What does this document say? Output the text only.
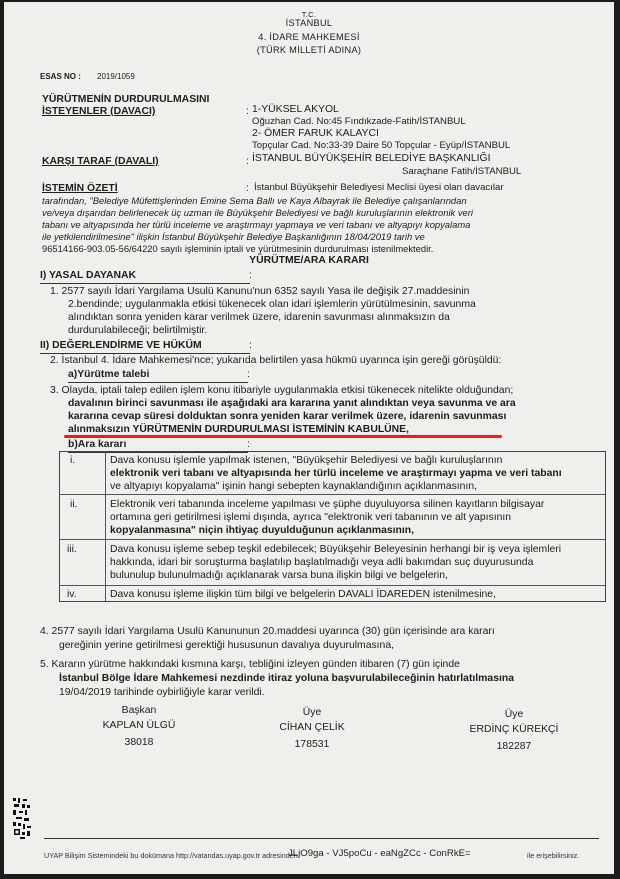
T.C.
İSTANBUL
4. İDARE MAHKEMESİ
(TÜRK MİLLETİ ADINA)
ESAS NO : 2019/1059
YÜRÜTMENİN DURDURULMASINI
İSTEYENLER (DAVACI)	: 1-YÜKSEL AKYOL
Oğuzhan Cad. No:45 Fındıkzade-Fatih/İSTANBUL
2- ÖMER FARUK KALAYCI
Topçular Cad. No:33-39 Daire 50 Topçular - Eyüp/İSTANBUL
KARŞI TARAF (DAVALI)	: İSTANBUL BÜYÜKŞEHİR BELEDİYE BAŞKANLIĞI
Saraçhane Fatih/İSTANBUL
İSTEMİN ÖZETİ	: İstanbul Büyükşehir Belediyesi Meclisi üyesi olan davacılar
tarafından, "Belediye Müfettişlerinden Emine Sema Ballı ve Kaya Albayrak ile Belediye çalışanlarından
ve/veya dışarıdan belirlenecek üç uzman ile Büyükşehir Belediyesi ve bağlı kuruluşlarının elektronik veri
tabanı ve altyapısında her türlü inceleme ve araştırmayı yapmaya ve veri tabanı ve altyapıyı kopyalama
ile yetkilendirilmesine" ilişkin İstanbul Büyükşehir Belediye Başkanlığının 18/04/2019 tarih ve
96514166-903.05-56/64220 sayılı işleminin iptali ve yürütmesinin durdurulması istenilmektedir.
YÜRÜTME/ARA KARARI
I) YASAL DAYANAK	:
1. 2577 sayılı İdari Yargılama Usulü Kanunu'nun 6352 sayılı Yasa ile değişik 27.maddesinin
2.bendinde; uygulanmakla etkisi tükenecek olan idari işlemlerin yürütülmesinin, savunma
alındıktan sonra yeniden karar verilmek üzere, idarenin savunması alınmaksızın da
durdurulabileceği; belirtilmiştir.
II) DEĞERLENDİRME VE HÜKÜM	:
2. İstanbul 4. İdare Mahkemesi'nce; yukarıda belirtilen yasa hükmü uyarınca işin gereği görüşüldü:
a)Yürütme talebi	:
3. Olayda, iptali talep edilen işlem konu itibariyle uygulanmakla etkisi tükenecek nitelikte olduğundan;
davalının birinci savunması ile aşağıdaki ara kararına yanıt alındıktan veya savunma ve ara
kararına cevap süresi dolduktan sonra yeniden karar verilmek üzere, idarenin savunması
alınmaksızın YÜRÜTMENİN DURDURULMASI İSTEMİNİN KABULÜNE,
b)Ara kararı	:
i.	Dava konusu işlemle yapılmak istenen, "Büyükşehir Belediyesi ve bağlı kuruluşlarının
elektronik veri tabanı ve altyapısında her türlü inceleme ve araştırmayı yapma ve veri tabanı
ve altyapıyı kopyalama" işinin hangi sebepten kaynaklandığının açıklanmasının,
ii.	Elektronik veri tabanında inceleme yapılması ve şüphe duyuluyorsa silinen kayıtların bilgisayar
ortamına geri getirilmesi işlemi dışında, ayrıca "elektronik veri tabanının ve alt yapısının
kopyalanmasına" niçin ihtiyaç duyulduğunun açıklanmasının,
iii.	Dava konusu işleme sebep teşkil edebilecek; Büyükşehir Beleyesinin herhangi bir iş veya işlemleri
hakkında, idari bir soruşturma başlatılıp başlatılmadığı veya adli bakımdan suç duyurusunda
bulunulup bulunulmadığı açıklanarak varsa buna ilişkin bilgi ve belgelerin,
iv.	Dava konusu işleme ilişkin tüm bilgi ve belgelerin DAVALI İDAREDEN istenilmesine,
4. 2577 sayılı İdari Yargılama Usulü Kanununun 20.maddesi uyarınca (30) gün içerisinde ara kararı
gereğinin yerine getirilmesi gerektiği hususunun davalıya duyurulmasına,
5. Kararın yürütme hakkındaki kısmına karşı, tebliğini izleyen günden itibaren (7) gün içinde
İstanbul Bölge İdare Mahkemesi nezdinde itiraz yoluna başvurulabileceğinin hatırlatılmasına
19/04/2019 tarihinde oybirliğiyle karar verildi.
Başkan
KAPLAN ÜLGÜ
38018
Üye
CİHAN ÇELİK
178531
Üye
ERDİNÇ KÜREKÇİ
182287
UYAP Bilişim Sistemindeki bu dokümana http://vatandas.uyap.gov.tr adresinden
JLjO9ga - VJ5poCu - eaNgZCc - ConRkE=	ile erişebilirsiniz.
